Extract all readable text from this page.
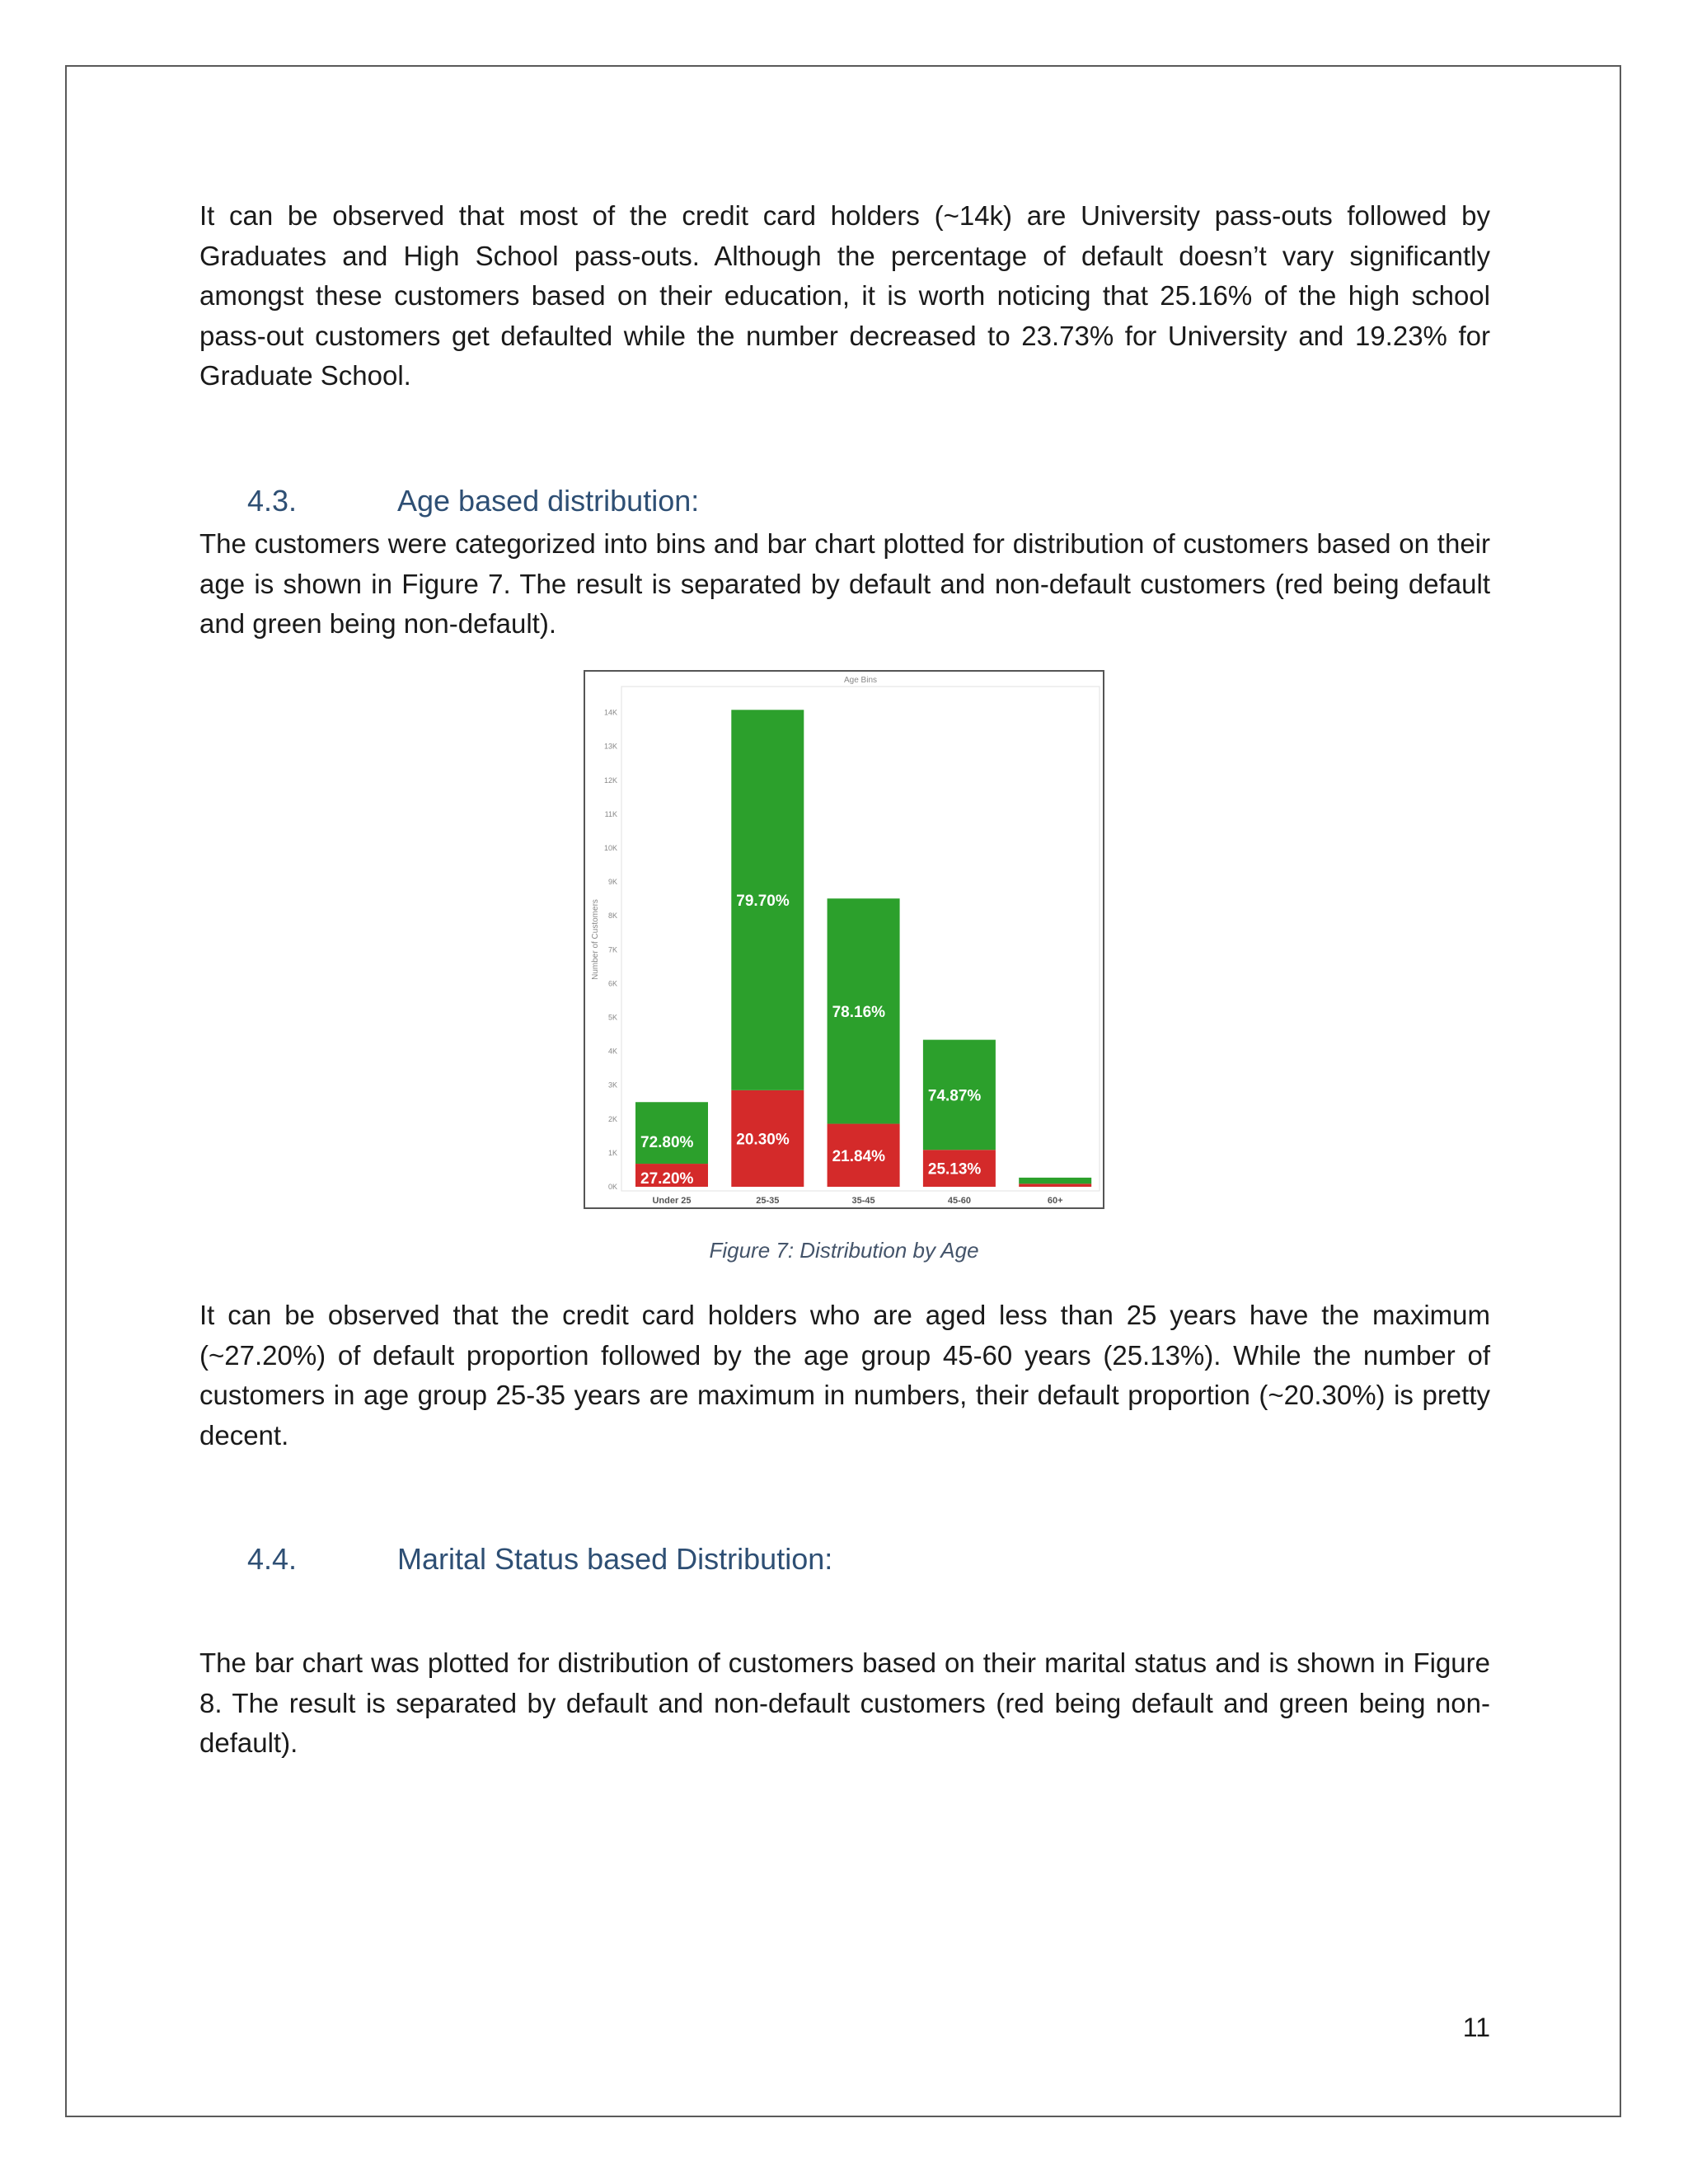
It can be observed that most of the credit card holders (~14k) are University pass-outs followed by Graduates and High School pass-outs. Although the percentage of default doesn’t vary significantly amongst these customers based on their education, it is worth noticing that 25.16% of the high school pass-out customers get defaulted while the number decreased to 23.73% for University and 19.23% for Graduate School.

4.3.	Age based distribution:

The customers were categorized into bins and bar chart plotted for distribution of customers based on their age is shown in Figure 7. The result is separated by default and non-default customers (red being default and green being non-default).

Age Bins
Number of Customers
0K
1K
2K
3K
4K
5K
6K
7K
8K
9K
10K
11K
12K
13K
14K
27.20%
72.80%
Under 25
20.30%
79.70%
25-35
21.84%
78.16%
35-45
25.13%
74.87%
45-60	60+
Figure 7: Distribution by Age

It can be observed that the credit card holders who are aged less than 25 years have the maximum (~27.20%) of default proportion followed by the age group 45-60 years (25.13%). While the number of customers in age group 25-35 years are maximum in numbers, their default proportion (~20.30%) is pretty decent.

4.4.	Marital Status based Distribution:

The bar chart was plotted for distribution of customers based on their marital status and is shown in Figure 8. The result is separated by default and non-default customers (red being default and green being non-default).

11
